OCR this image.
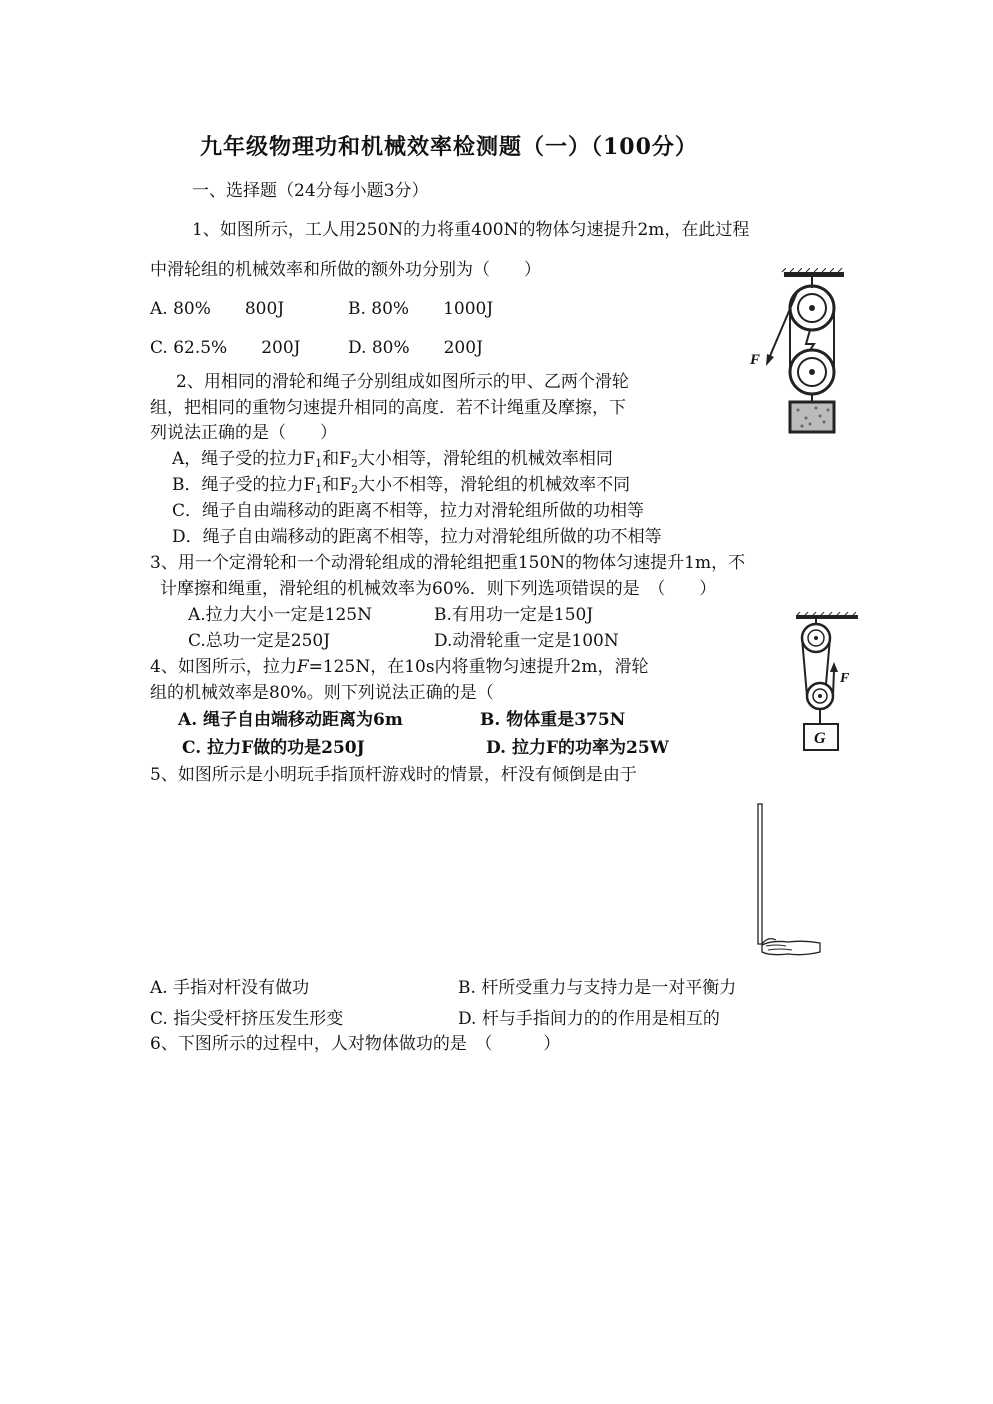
九年级物理功和机械效率检测题（一）（100分）
一、选择题（24分每小题3分）
1、如图所示，工人用250N的力将重400N的物体匀速提升2m，在此过程
中滑轮组的机械效率和所做的额外功分别为（　　）
A. 80%　　800J	B. 80%　　1000J
C. 62.5%　　200J	D. 80%　　200J
F
2、用相同的滑轮和绳子分别组成如图所示的甲、乙两个滑轮
组，把相同的重物匀速提升相同的高度．若不计绳重及摩擦，下
列说法正确的是（　　）
A，绳子受的拉力$F_1$和$F_2$大小相等，滑轮组的机械效率相同
B．绳子受的拉力$F_1$和$F_2$大小不相等，滑轮组的机械效率不同
C．绳子自由端移动的距离不相等，拉力对滑轮组所做的功相等
D．绳子自由端移动的距离不相等，拉力对滑轮组所做的功不相等
3、用一个定滑轮和一个动滑轮组成的滑轮组把重150N的物体匀速提升1m，不
计摩擦和绳重，滑轮组的机械效率为60%．则下列选项错误的是　（　　）
A.拉力大小一定是125N	B.有用功一定是150J
C.总功一定是250J	D.动滑轮重一定是100N
4、如图所示，拉力F=125N，在10s内将重物匀速提升2m，滑轮
组的机械效率是80%。则下列说法正确的是（
A. 绳子自由端移动距离为6m	B. 物体重是375N
C. 拉力F做的功是250J	D. 拉力F的功率为25W
F
G
5、如图所示是小明玩手指顶杆游戏时的情景，杆没有倾倒是由于
A. 手指对杆没有做功	B. 杆所受重力与支持力是一对平衡力
C. 指尖受杆挤压发生形变	D. 杆与手指间力的的作用是相互的
6、下图所示的过程中，人对物体做功的是　（　　　）
